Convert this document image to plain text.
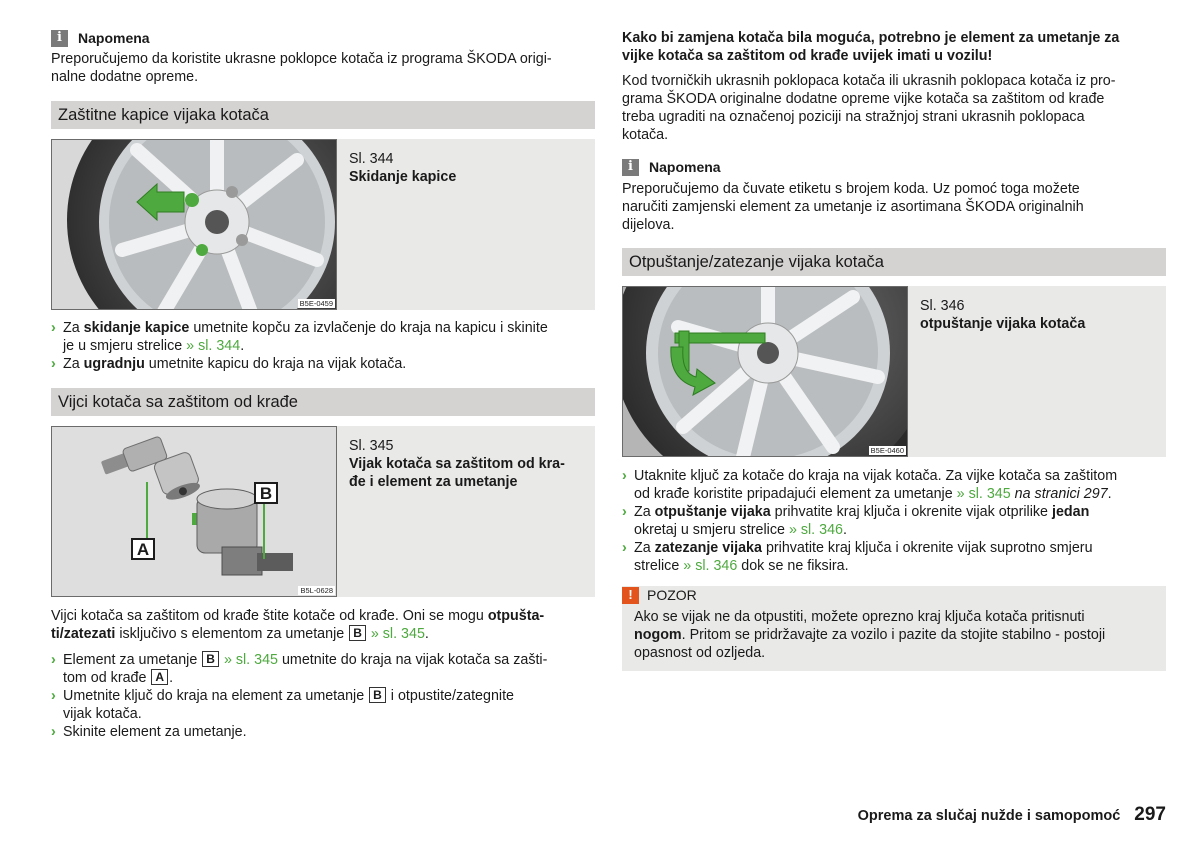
i	Napomena
Preporučujemo da koristite ukrasne poklopce kotača iz programa ŠKODA origi-
nalne dodatne opreme.
Zaštitne kapice vijaka kotača
B5E-0459
Sl. 344
Skidanje kapice
› Za skidanje kapice umetnite kopču za izvlačenje do kraja na kapicu i skinite
je u smjeru strelice » sl. 344.
› Za ugradnju umetnite kapicu do kraja na vijak kotača.
Vijci kotača sa zaštitom od krađe
A
B
B5L-0628
Sl. 345
Vijak kotača sa zaštitom od kra-
đe i element za umetanje
Vijci kotača sa zaštitom od krađe štite kotače od krađe. Oni se mogu otpušta-
ti/zatezati isključivo s elementom za umetanje B » sl. 345.
› Element za umetanje B » sl. 345 umetnite do kraja na vijak kotača sa zašti-
tom od krađe A .
› Umetnite ključ do kraja na element za umetanje B i otpustite/zategnite
vijak kotača.
› Skinite element za umetanje.
Kako bi zamjena kotača bila moguća, potrebno je element za umetanje za
vijke kotača sa zaštitom od krađe uvijek imati u vozilu!
Kod tvorničkih ukrasnih poklopaca kotača ili ukrasnih poklopaca kotača iz pro-
grama ŠKODA originalne dodatne opreme vijke kotača sa zaštitom od krađe
treba ugraditi na označenoj poziciji na stražnjoj strani ukrasnih poklopaca
kotača.
i	Napomena
Preporučujemo da čuvate etiketu s brojem koda. Uz pomoć toga možete
naručiti zamjenski element za umetanje iz asortimana ŠKODA originalnih
dijelova.
Otpuštanje/zatezanje vijaka kotača
B5E-0460
Sl. 346
otpuštanje vijaka kotača
› Utaknite ključ za kotače do kraja na vijak kotača. Za vijke kotača sa zaštitom
od krađe koristite pripadajući element za umetanje » sl. 345 na stranici 297.
› Za otpuštanje vijaka prihvatite kraj ključa i okrenite vijak otprilike jedan
okretaj u smjeru strelice » sl. 346.
› Za zatezanje vijaka prihvatite kraj ključa i okrenite vijak suprotno smjeru
strelice » sl. 346 dok se ne fiksira.
!	POZOR
Ako se vijak ne da otpustiti, možete oprezno kraj ključa kotača pritisnuti
nogom. Pritom se pridržavajte za vozilo i pazite da stojite stabilno - postoji
opasnost od ozljeda.
Oprema za slučaj nužde i samopomoć 297
